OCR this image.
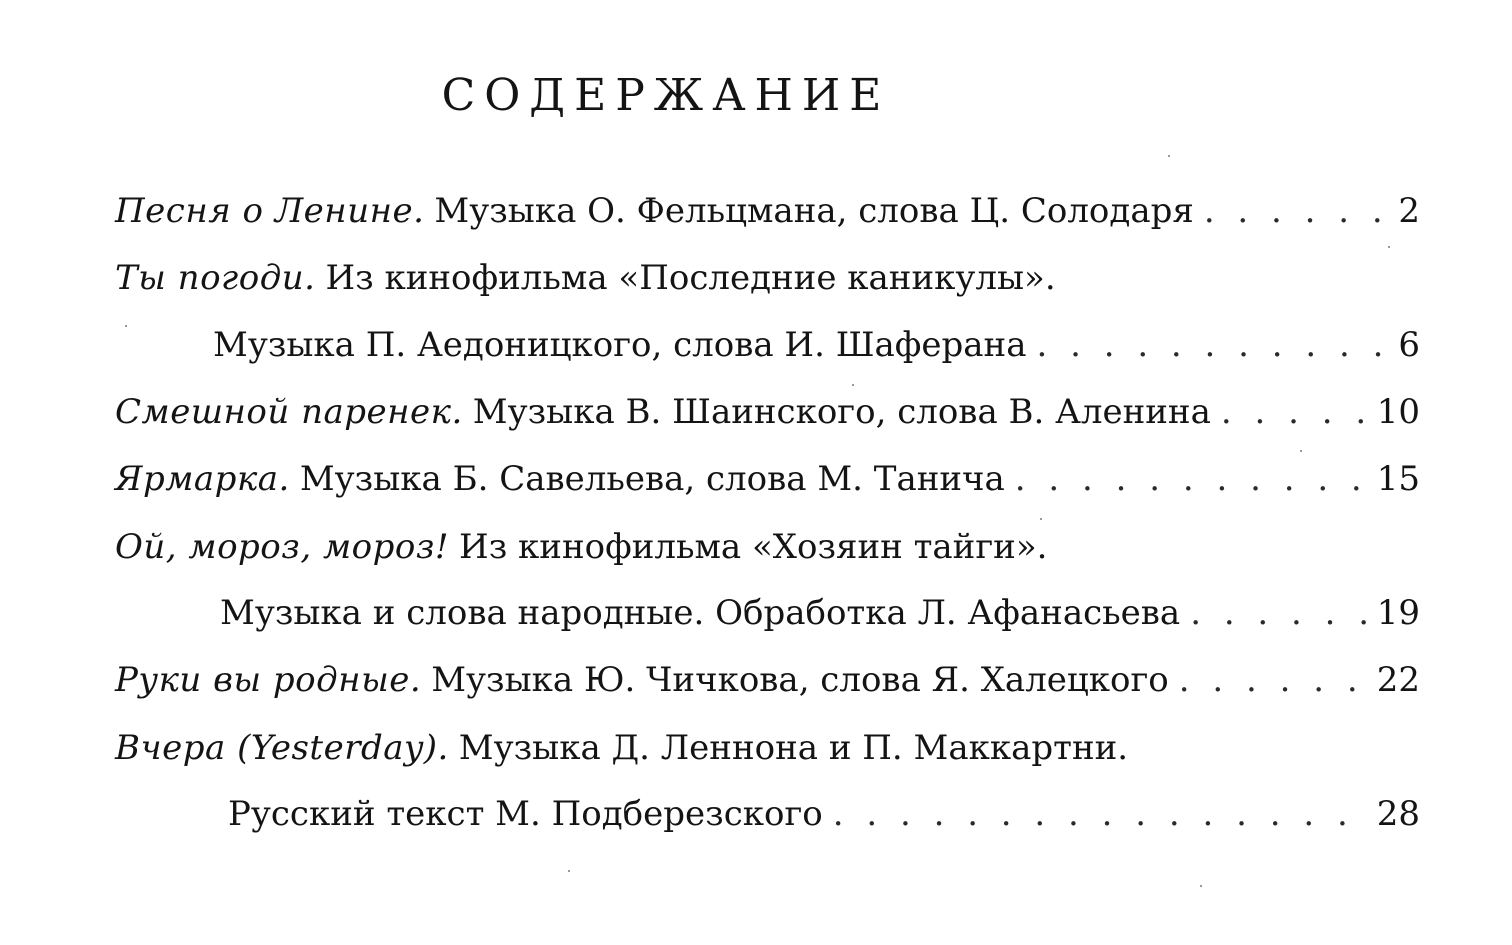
СОДЕРЖАНИЕ
Песня о Ленине. Музыка О. Фельцмана, слова Ц. Солодаря . . .	2
Ты погоди. Из кинофильма «Последние каникулы».
Музыка П. Аедоницкого, слова И. Шаферана . . .	6
Смешной паренек. Музыка В. Шаинского, слова В. Аленина . . .	10
Ярмарка. Музыка Б. Савельева, слова М. Танича . . .	15
Ой, мороз, мороз! Из кинофильма «Хозяин тайги».
Музыка и слова народные. Обработка Л. Афанасьева . . .	19
Руки вы родные. Музыка Ю. Чичкова, слова Я. Халецкого . . .	22
Вчера (Yesterday). Музыка Д. Леннона и П. Маккартни.
Русский текст М. Подберезского . . .	28
